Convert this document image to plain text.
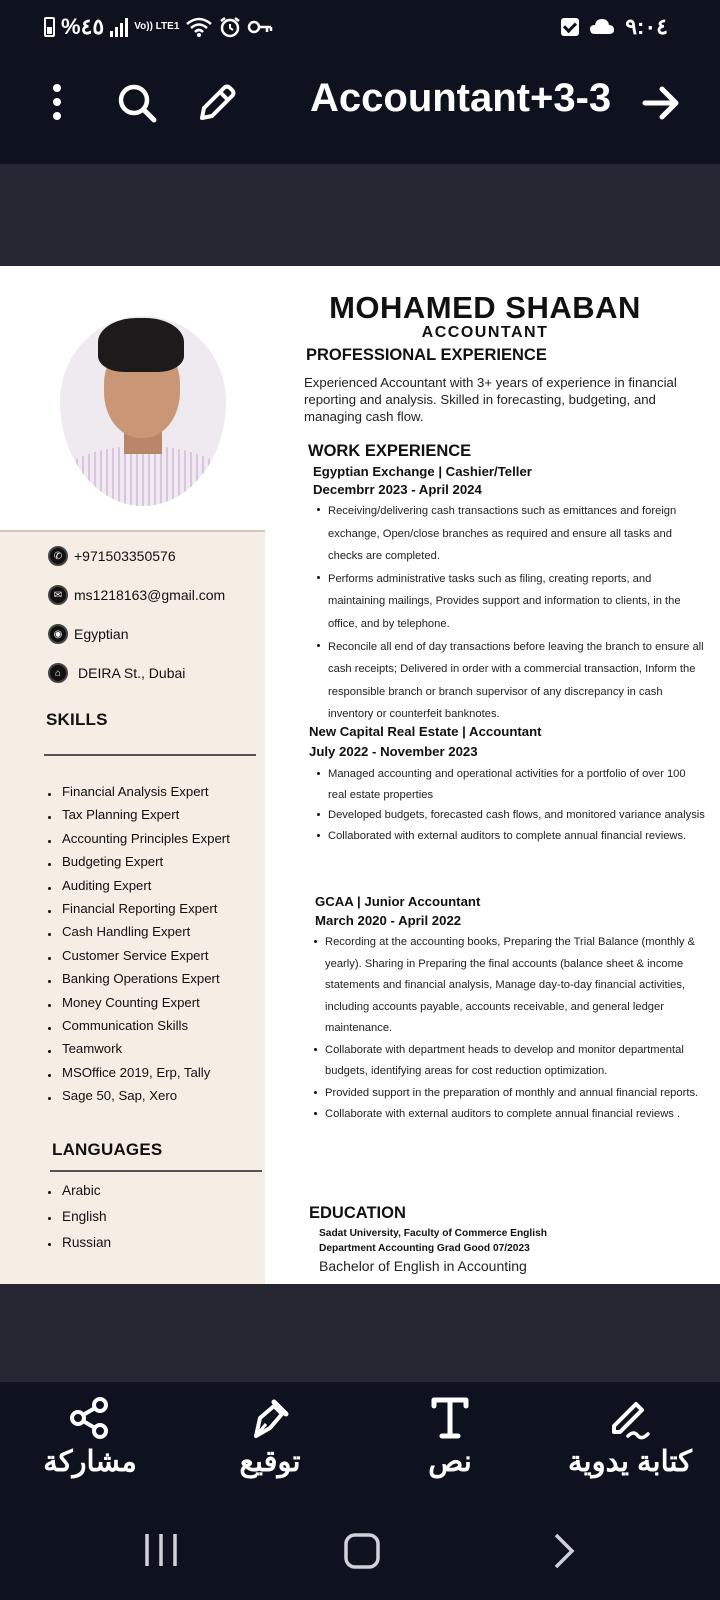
%٤٥	Vo)) LTE1	٩:٠٤
Accountant+3-3
✆ +971503350576
✉ ms1218163@gmail.com
◉ Egyptian
⌂	DEIRA St., Dubai
SKILLS
Financial Analysis Expert
Tax Planning Expert
Accounting Principles Expert
Budgeting Expert
Auditing Expert
Financial Reporting Expert
Cash Handling Expert
Customer Service Expert
Banking Operations Expert
Money Counting Expert
Communication Skills
Teamwork
MSOffice 2019, Erp, Tally
Sage 50, Sap, Xero
LANGUAGES
Arabic
English
Russian
MOHAMED SHABAN
ACCOUNTANT
PROFESSIONAL EXPERIENCE
Experienced Accountant with 3+ years of experience in financial reporting and analysis. Skilled in forecasting, budgeting, and managing cash flow.
WORK EXPERIENCE
Egyptian Exchange | Cashier/Teller
Decembrr 2023 - April 2024
Receiving/delivering cash transactions such as emittances and foreign exchange, Open/close branches as required and ensure all tasks and checks are completed.
Performs administrative tasks such as filing, creating reports, and maintaining mailings, Provides support and information to clients, in the office, and by telephone.
Reconcile all end of day transactions before leaving the branch to ensure all cash receipts; Delivered in order with a commercial transaction, Inform the responsible branch or branch supervisor of any discrepancy in cash inventory or counterfeit banknotes.
New Capital Real Estate | Accountant
July 2022 - November 2023
Managed accounting and operational activities for a portfolio of over 100 real estate properties
Developed budgets, forecasted cash flows, and monitored variance analysis
Collaborated with external auditors to complete annual financial reviews.
GCAA | Junior Accountant
March 2020 - April 2022
Recording at the accounting books, Preparing the Trial Balance (monthly & yearly). Sharing in Preparing the final accounts (balance sheet & income statements and financial analysis, Manage day-to-day financial activities, including accounts payable, accounts receivable, and general ledger maintenance.
Collaborate with department heads to develop and monitor departmental budgets, identifying areas for cost reduction optimization.
Provided support in the preparation of monthly and annual financial reports.
Collaborate with external auditors to complete annual financial reviews .
EDUCATION
Sadat University, Faculty of Commerce English
Department Accounting Grad Good 07/2023
Bachelor of English in Accounting
مشاركة	توقيع	نص	كتابة يدوية
